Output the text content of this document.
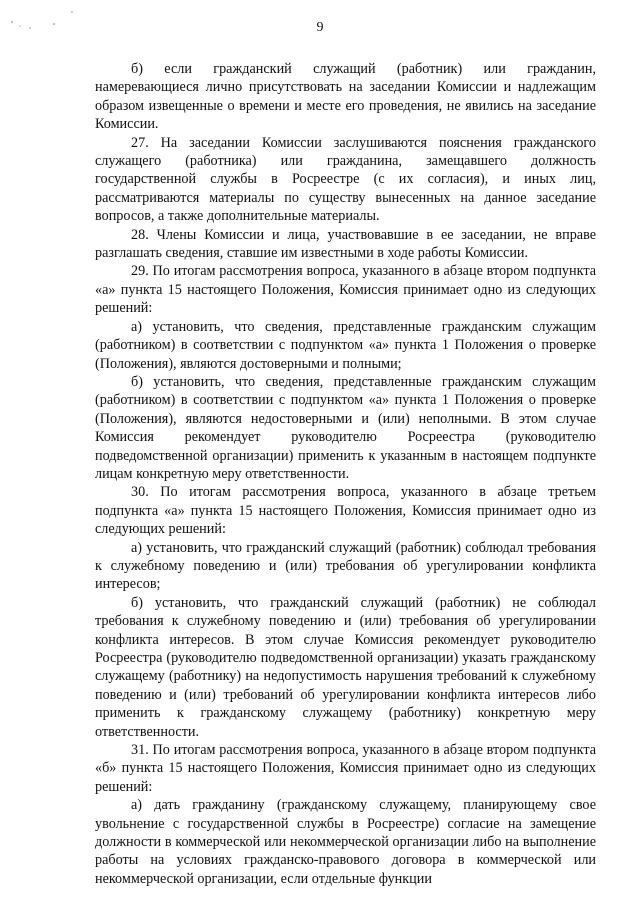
9

б) если гражданский служащий (работник) или гражданин, намеревающиеся лично присутствовать на заседании Комиссии и надлежащим образом извещенные о времени и месте его проведения, не явились на заседание Комиссии.

27. На заседании Комиссии заслушиваются пояснения гражданского служащего (работника) или гражданина, замещавшего должность государственной службы в Росреестре (с их согласия), и иных лиц, рассматриваются материалы по существу вынесенных на данное заседание вопросов, а также дополнительные материалы.

28. Члены Комиссии и лица, участвовавшие в ее заседании, не вправе разглашать сведения, ставшие им известными в ходе работы Комиссии.

29. По итогам рассмотрения вопроса, указанного в абзаце втором подпункта «а» пункта 15 настоящего Положения, Комиссия принимает одно из следующих решений:

а) установить, что сведения, представленные гражданским служащим (работником) в соответствии с подпунктом «а» пункта 1 Положения о проверке (Положения), являются достоверными и полными;

б) установить, что сведения, представленные гражданским служащим (работником) в соответствии с подпунктом «а» пункта 1 Положения о проверке (Положения), являются недостоверными и (или) неполными. В этом случае Комиссия рекомендует руководителю Росреестра (руководителю подведомственной организации) применить к указанным в настоящем подпункте лицам конкретную меру ответственности.

30. По итогам рассмотрения вопроса, указанного в абзаце третьем подпункта «а» пункта 15 настоящего Положения, Комиссия принимает одно из следующих решений:

а) установить, что гражданский служащий (работник) соблюдал требования к служебному поведению и (или) требования об урегулировании конфликта интересов;

б) установить, что гражданский служащий (работник) не соблюдал требования к служебному поведению и (или) требования об урегулировании конфликта интересов. В этом случае Комиссия рекомендует руководителю Росреестра (руководителю подведомственной организации) указать гражданскому служащему (работнику) на недопустимость нарушения требований к служебному поведению и (или) требований об урегулировании конфликта интересов либо применить к гражданскому служащему (работнику) конкретную меру ответственности.

31. По итогам рассмотрения вопроса, указанного в абзаце втором подпункта «б» пункта 15 настоящего Положения, Комиссия принимает одно из следующих решений:

а) дать гражданину (гражданскому служащему, планирующему свое увольнение с государственной службы в Росреестре) согласие на замещение должности в коммерческой или некоммерческой организации либо на выполнение работы на условиях гражданско-правового договора в коммерческой или некоммерческой организации, если отдельные функции
